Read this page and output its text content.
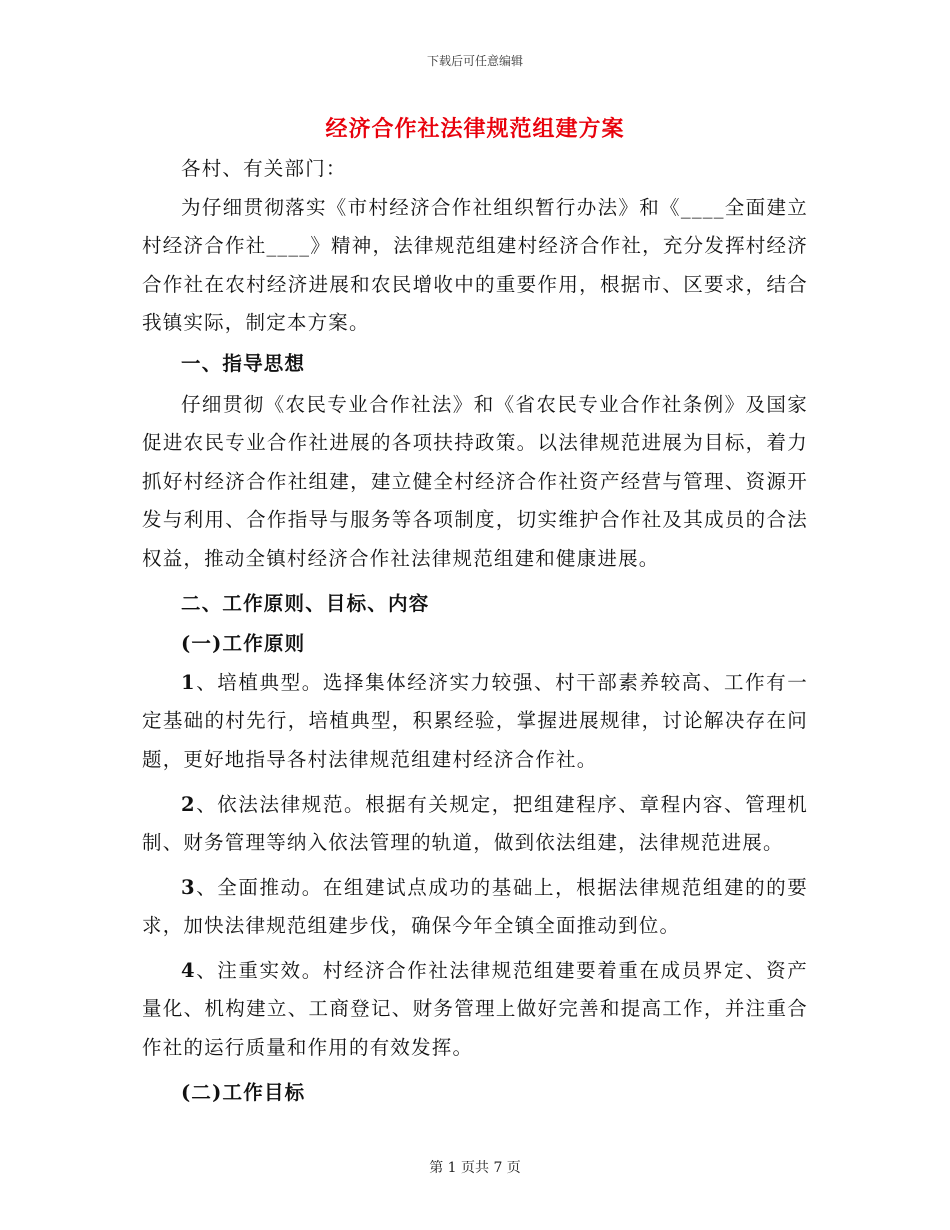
下载后可任意编辑
经济合作社法律规范组建方案

各村、有关部门：

为仔细贯彻落实《市村经济合作社组织暂行办法》和《____全面建立村经济合作社____》精神，法律规范组建村经济合作社，充分发挥村经济合作社在农村经济进展和农民增收中的重要作用，根据市、区要求，结合我镇实际，制定本方案。

一、指导思想

仔细贯彻《农民专业合作社法》和《省农民专业合作社条例》及国家促进农民专业合作社进展的各项扶持政策。以法律规范进展为目标，着力抓好村经济合作社组建，建立健全村经济合作社资产经营与管理、资源开发与利用、合作指导与服务等各项制度，切实维护合作社及其成员的合法权益，推动全镇村经济合作社法律规范组建和健康进展。

二、工作原则、目标、内容

(一)工作原则

1、培植典型。选择集体经济实力较强、村干部素养较高、工作有一定基础的村先行，培植典型，积累经验，掌握进展规律，讨论解决存在问题，更好地指导各村法律规范组建村经济合作社。

2、依法法律规范。根据有关规定，把组建程序、章程内容、管理机制、财务管理等纳入依法管理的轨道，做到依法组建，法律规范进展。

3、全面推动。在组建试点成功的基础上，根据法律规范组建的的要求，加快法律规范组建步伐，确保今年全镇全面推动到位。

4、注重实效。村经济合作社法律规范组建要着重在成员界定、资产量化、机构建立、工商登记、财务管理上做好完善和提高工作，并注重合作社的运行质量和作用的有效发挥。

(二)工作目标

第 1 页共 7 页
